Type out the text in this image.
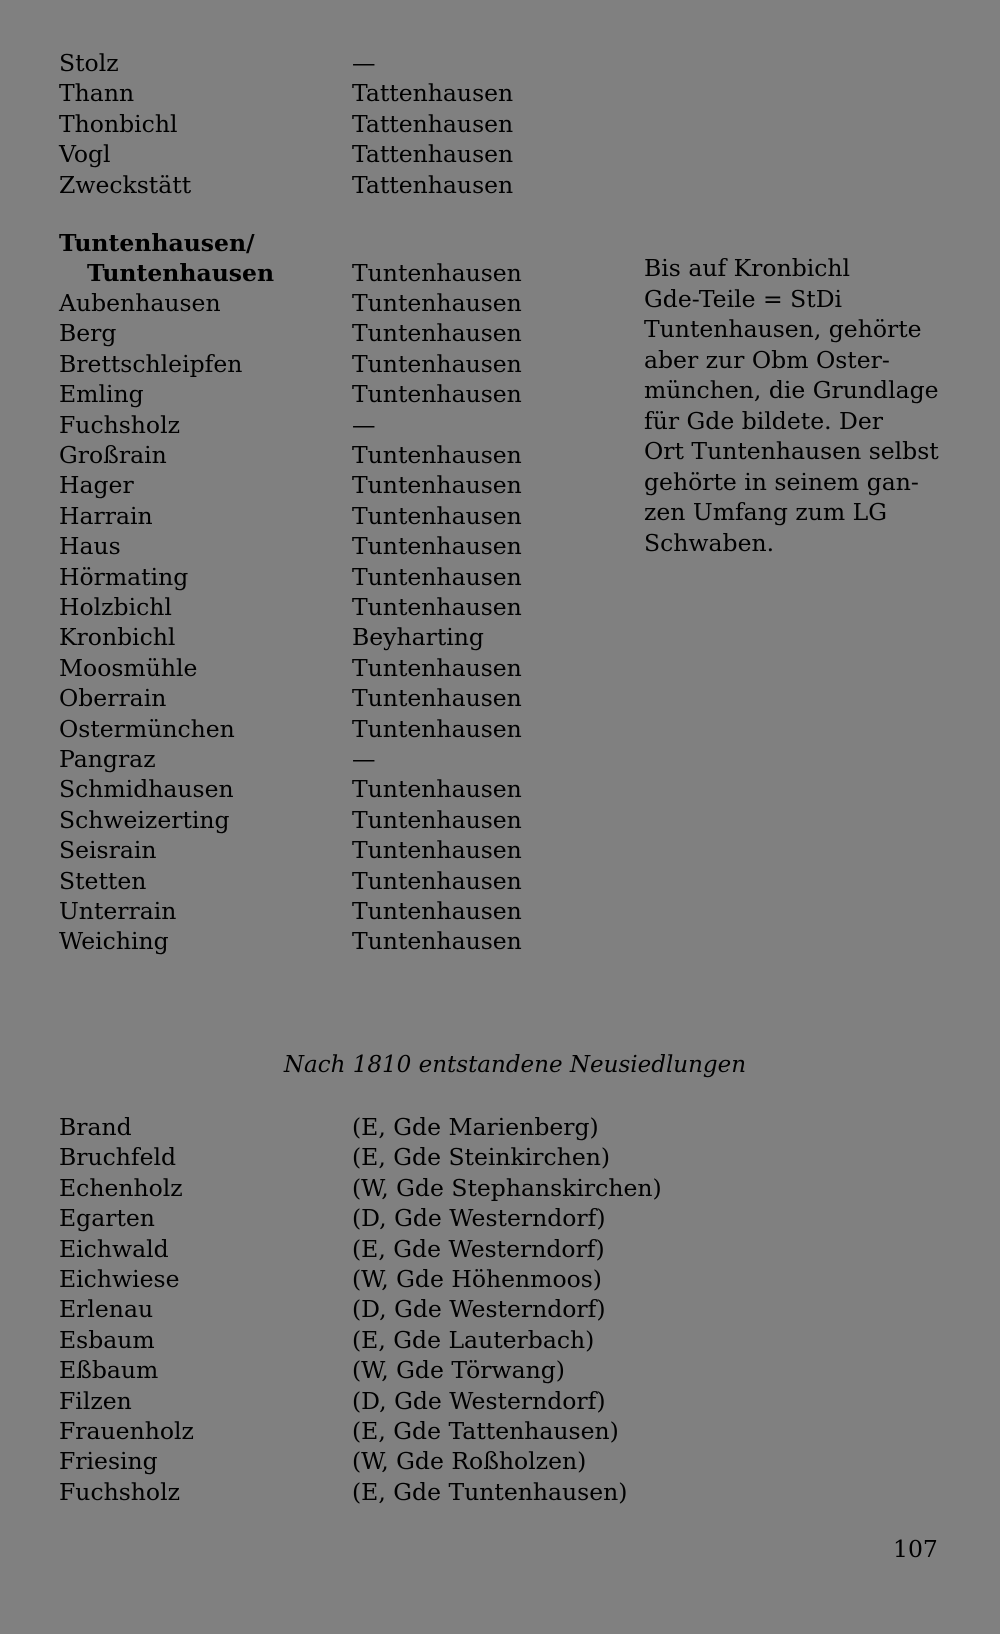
Stolz	—
Thann	Tattenhausen
Thonbichl	Tattenhausen
Vogl	Tattenhausen
Zweckstätt	Tattenhausen
Tuntenhausen/
Tuntenhausen	Tuntenhausen
Aubenhausen	Tuntenhausen
Berg	Tuntenhausen
Brettschleipfen	Tuntenhausen
Emling	Tuntenhausen
Fuchsholz	—
Großrain	Tuntenhausen
Hager	Tuntenhausen
Harrain	Tuntenhausen
Haus	Tuntenhausen
Hörmating	Tuntenhausen
Holzbichl	Tuntenhausen
Kronbichl	Beyharting
Moosmühle	Tuntenhausen
Oberrain	Tuntenhausen
Ostermünchen	Tuntenhausen
Pangraz	—
Schmidhausen	Tuntenhausen
Schweizerting	Tuntenhausen
Seisrain	Tuntenhausen
Stetten	Tuntenhausen
Unterrain	Tuntenhausen
Weiching	Tuntenhausen
Bis auf Kronbichl
Gde-Teile = StDi
Tuntenhausen, gehörte
aber zur Obm Oster-
münchen, die Grundlage
für Gde bildete. Der
Ort Tuntenhausen selbst
gehörte in seinem gan-
zen Umfang zum LG
Schwaben.
Nach 1810 entstandene Neusiedlungen
Brand	(E, Gde Marienberg)
Bruchfeld	(E, Gde Steinkirchen)
Echenholz	(W, Gde Stephanskirchen)
Egarten	(D, Gde Westerndorf)
Eichwald	(E, Gde Westerndorf)
Eichwiese	(W, Gde Höhenmoos)
Erlenau	(D, Gde Westerndorf)
Esbaum	(E, Gde Lauterbach)
Eßbaum	(W, Gde Törwang)
Filzen	(D, Gde Westerndorf)
Frauenholz	(E, Gde Tattenhausen)
Friesing	(W, Gde Roßholzen)
Fuchsholz	(E, Gde Tuntenhausen)
107
